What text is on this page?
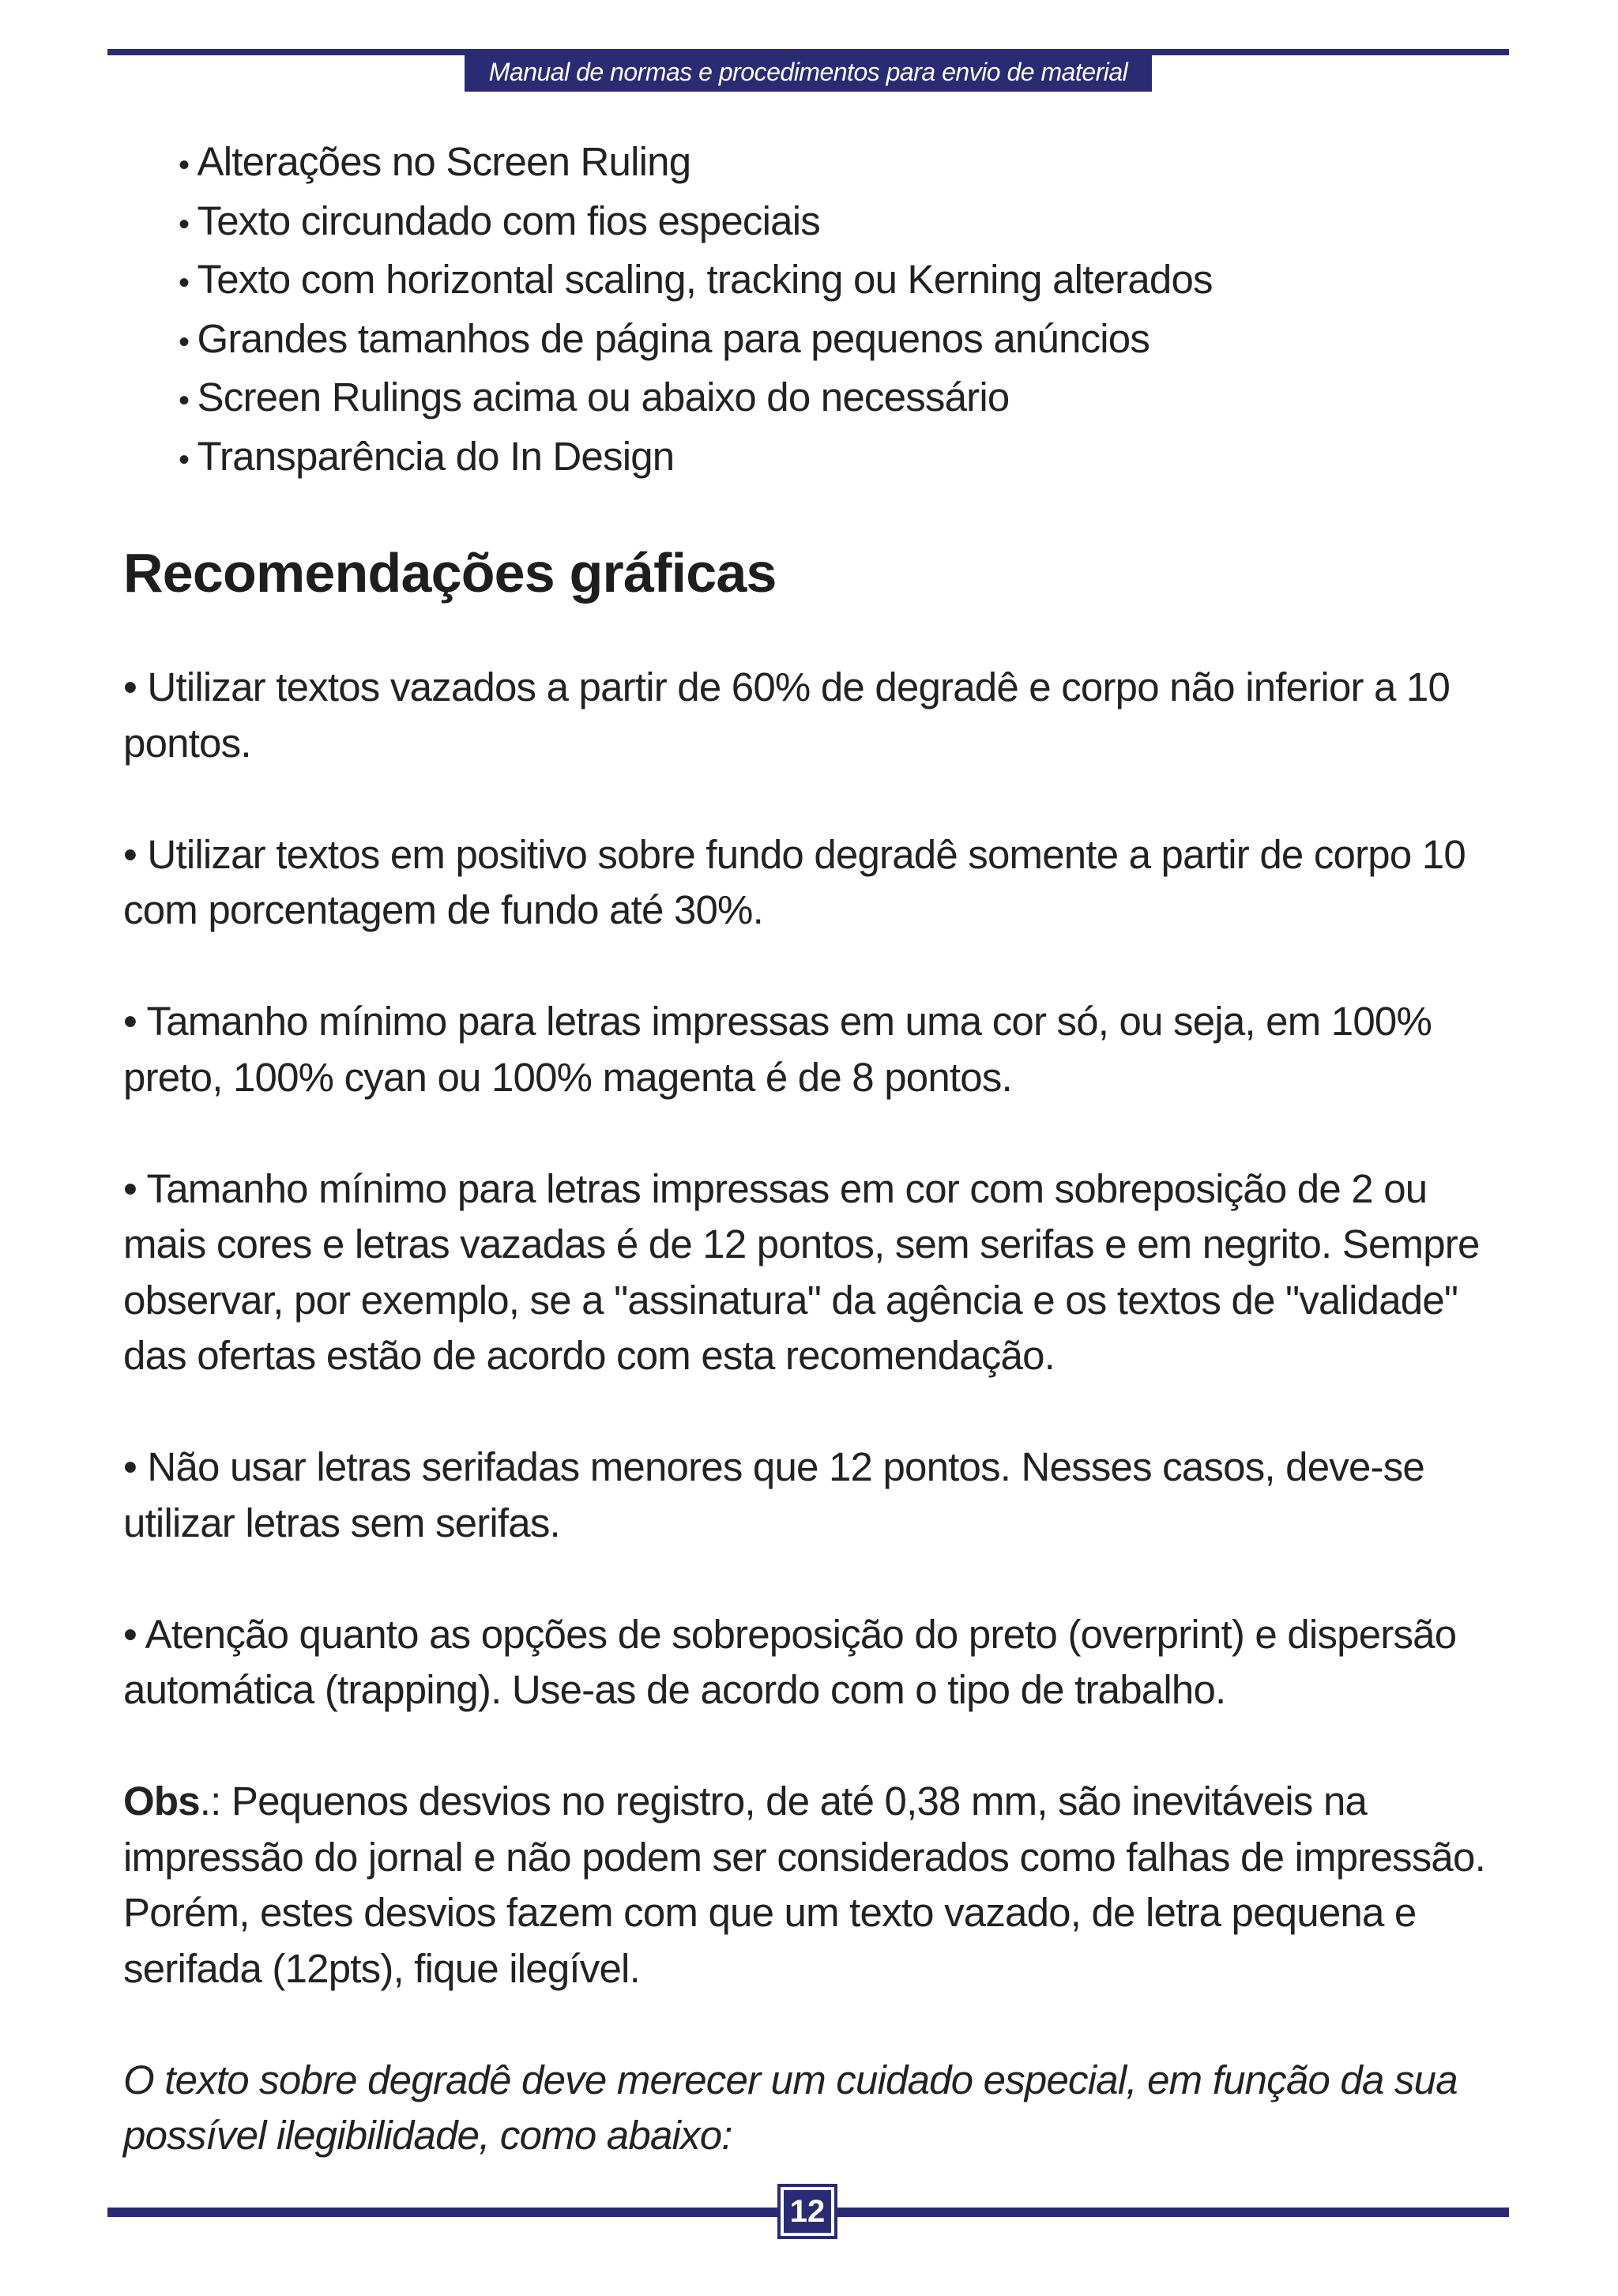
Manual de normas e procedimentos para envio de material
• Alterações no Screen Ruling
• Texto circundado com fios especiais
• Texto com horizontal scaling, tracking ou Kerning alterados
• Grandes tamanhos de página para pequenos anúncios
• Screen Rulings acima ou abaixo do necessário
• Transparência do In Design
Recomendações gráficas

• Utilizar textos vazados a partir de 60% de degradê e corpo não inferior a 10 pontos.

• Utilizar textos em positivo sobre fundo degradê somente a partir de corpo 10 com porcentagem de fundo até 30%.

• Tamanho mínimo para letras impressas em uma cor só, ou seja, em 100% preto, 100% cyan ou 100% magenta é de 8 pontos.

• Tamanho mínimo para letras impressas em cor com sobreposição de 2 ou mais cores e letras vazadas é de 12 pontos, sem serifas e em negrito. Sempre observar, por exemplo, se a "assinatura" da agência e os textos de "validade" das ofertas estão de acordo com esta recomendação.

• Não usar letras serifadas menores que 12 pontos. Nesses casos, deve-se utilizar letras sem serifas.

• Atenção quanto as opções de sobreposição do preto (overprint) e dispersão automática (trapping). Use-as de acordo com o tipo de trabalho.

Obs.: Pequenos desvios no registro, de até 0,38 mm, são inevitáveis na impressão do jornal e não podem ser considerados como falhas de impressão. Porém, estes desvios fazem com que um texto vazado, de letra pequena e serifada (12pts), fique ilegível.

O texto sobre degradê deve merecer um cuidado especial, em função da sua possível ilegibilidade, como abaixo:

12
